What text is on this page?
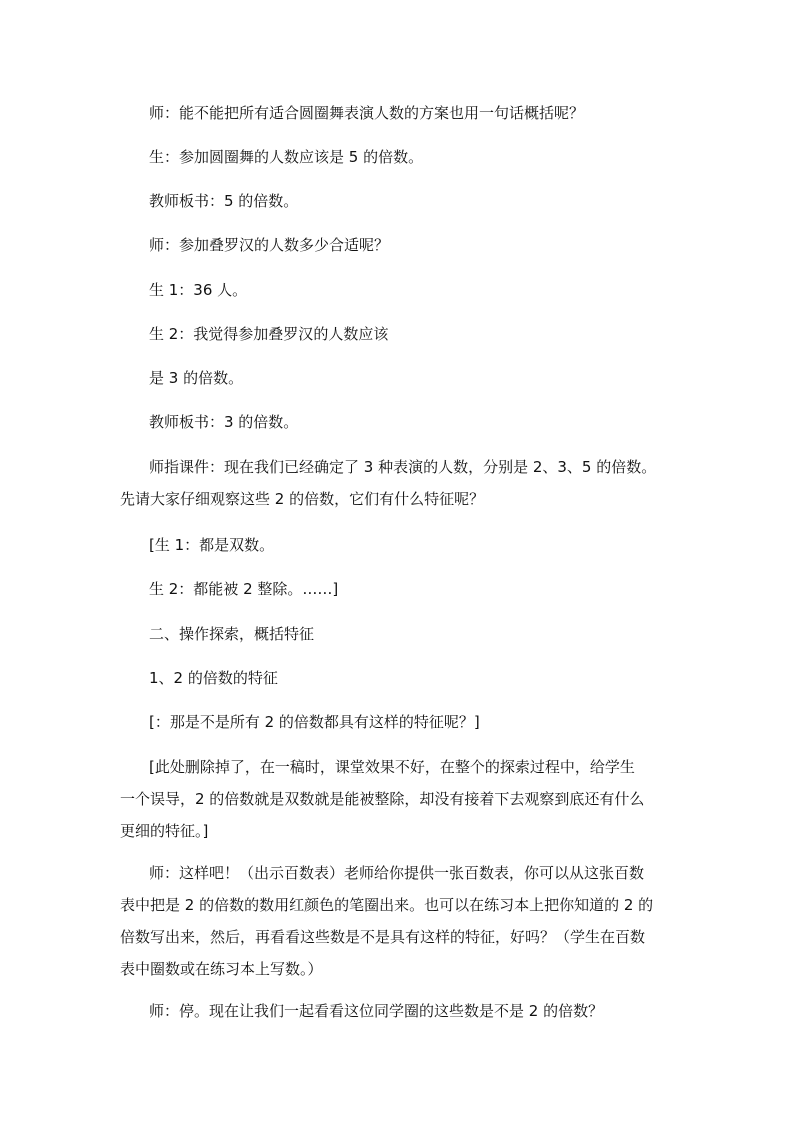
师：能不能把所有适合圆圈舞表演人数的方案也用一句话概括呢？
生：参加圆圈舞的人数应该是 5 的倍数。
教师板书：5 的倍数。
师：参加叠罗汉的人数多少合适呢？
生 1：36 人。
生 2：我觉得参加叠罗汉的人数应该
是 3 的倍数。
教师板书：3 的倍数。
师指课件：现在我们已经确定了 3 种表演的人数，分别是 2、3、5 的倍数。
先请大家仔细观察这些 2 的倍数，它们有什么特征呢？
[生 1：都是双数。
生 2：都能被 2 整除。……]
二、操作探索，概括特征
1、2 的倍数的特征
[：那是不是所有 2 的倍数都具有这样的特征呢？]
[此处删除掉了，在一稿时，课堂效果不好，在整个的探索过程中，给学生
一个误导，2 的倍数就是双数就是能被整除，却没有接着下去观察到底还有什么
更细的特征。]
师：这样吧！（出示百数表）老师给你提供一张百数表，你可以从这张百数
表中把是 2 的倍数的数用红颜色的笔圈出来。也可以在练习本上把你知道的 2 的
倍数写出来，然后，再看看这些数是不是具有这样的特征，好吗？（学生在百数
表中圈数或在练习本上写数。）
师：停。现在让我们一起看看这位同学圈的这些数是不是 2 的倍数？
